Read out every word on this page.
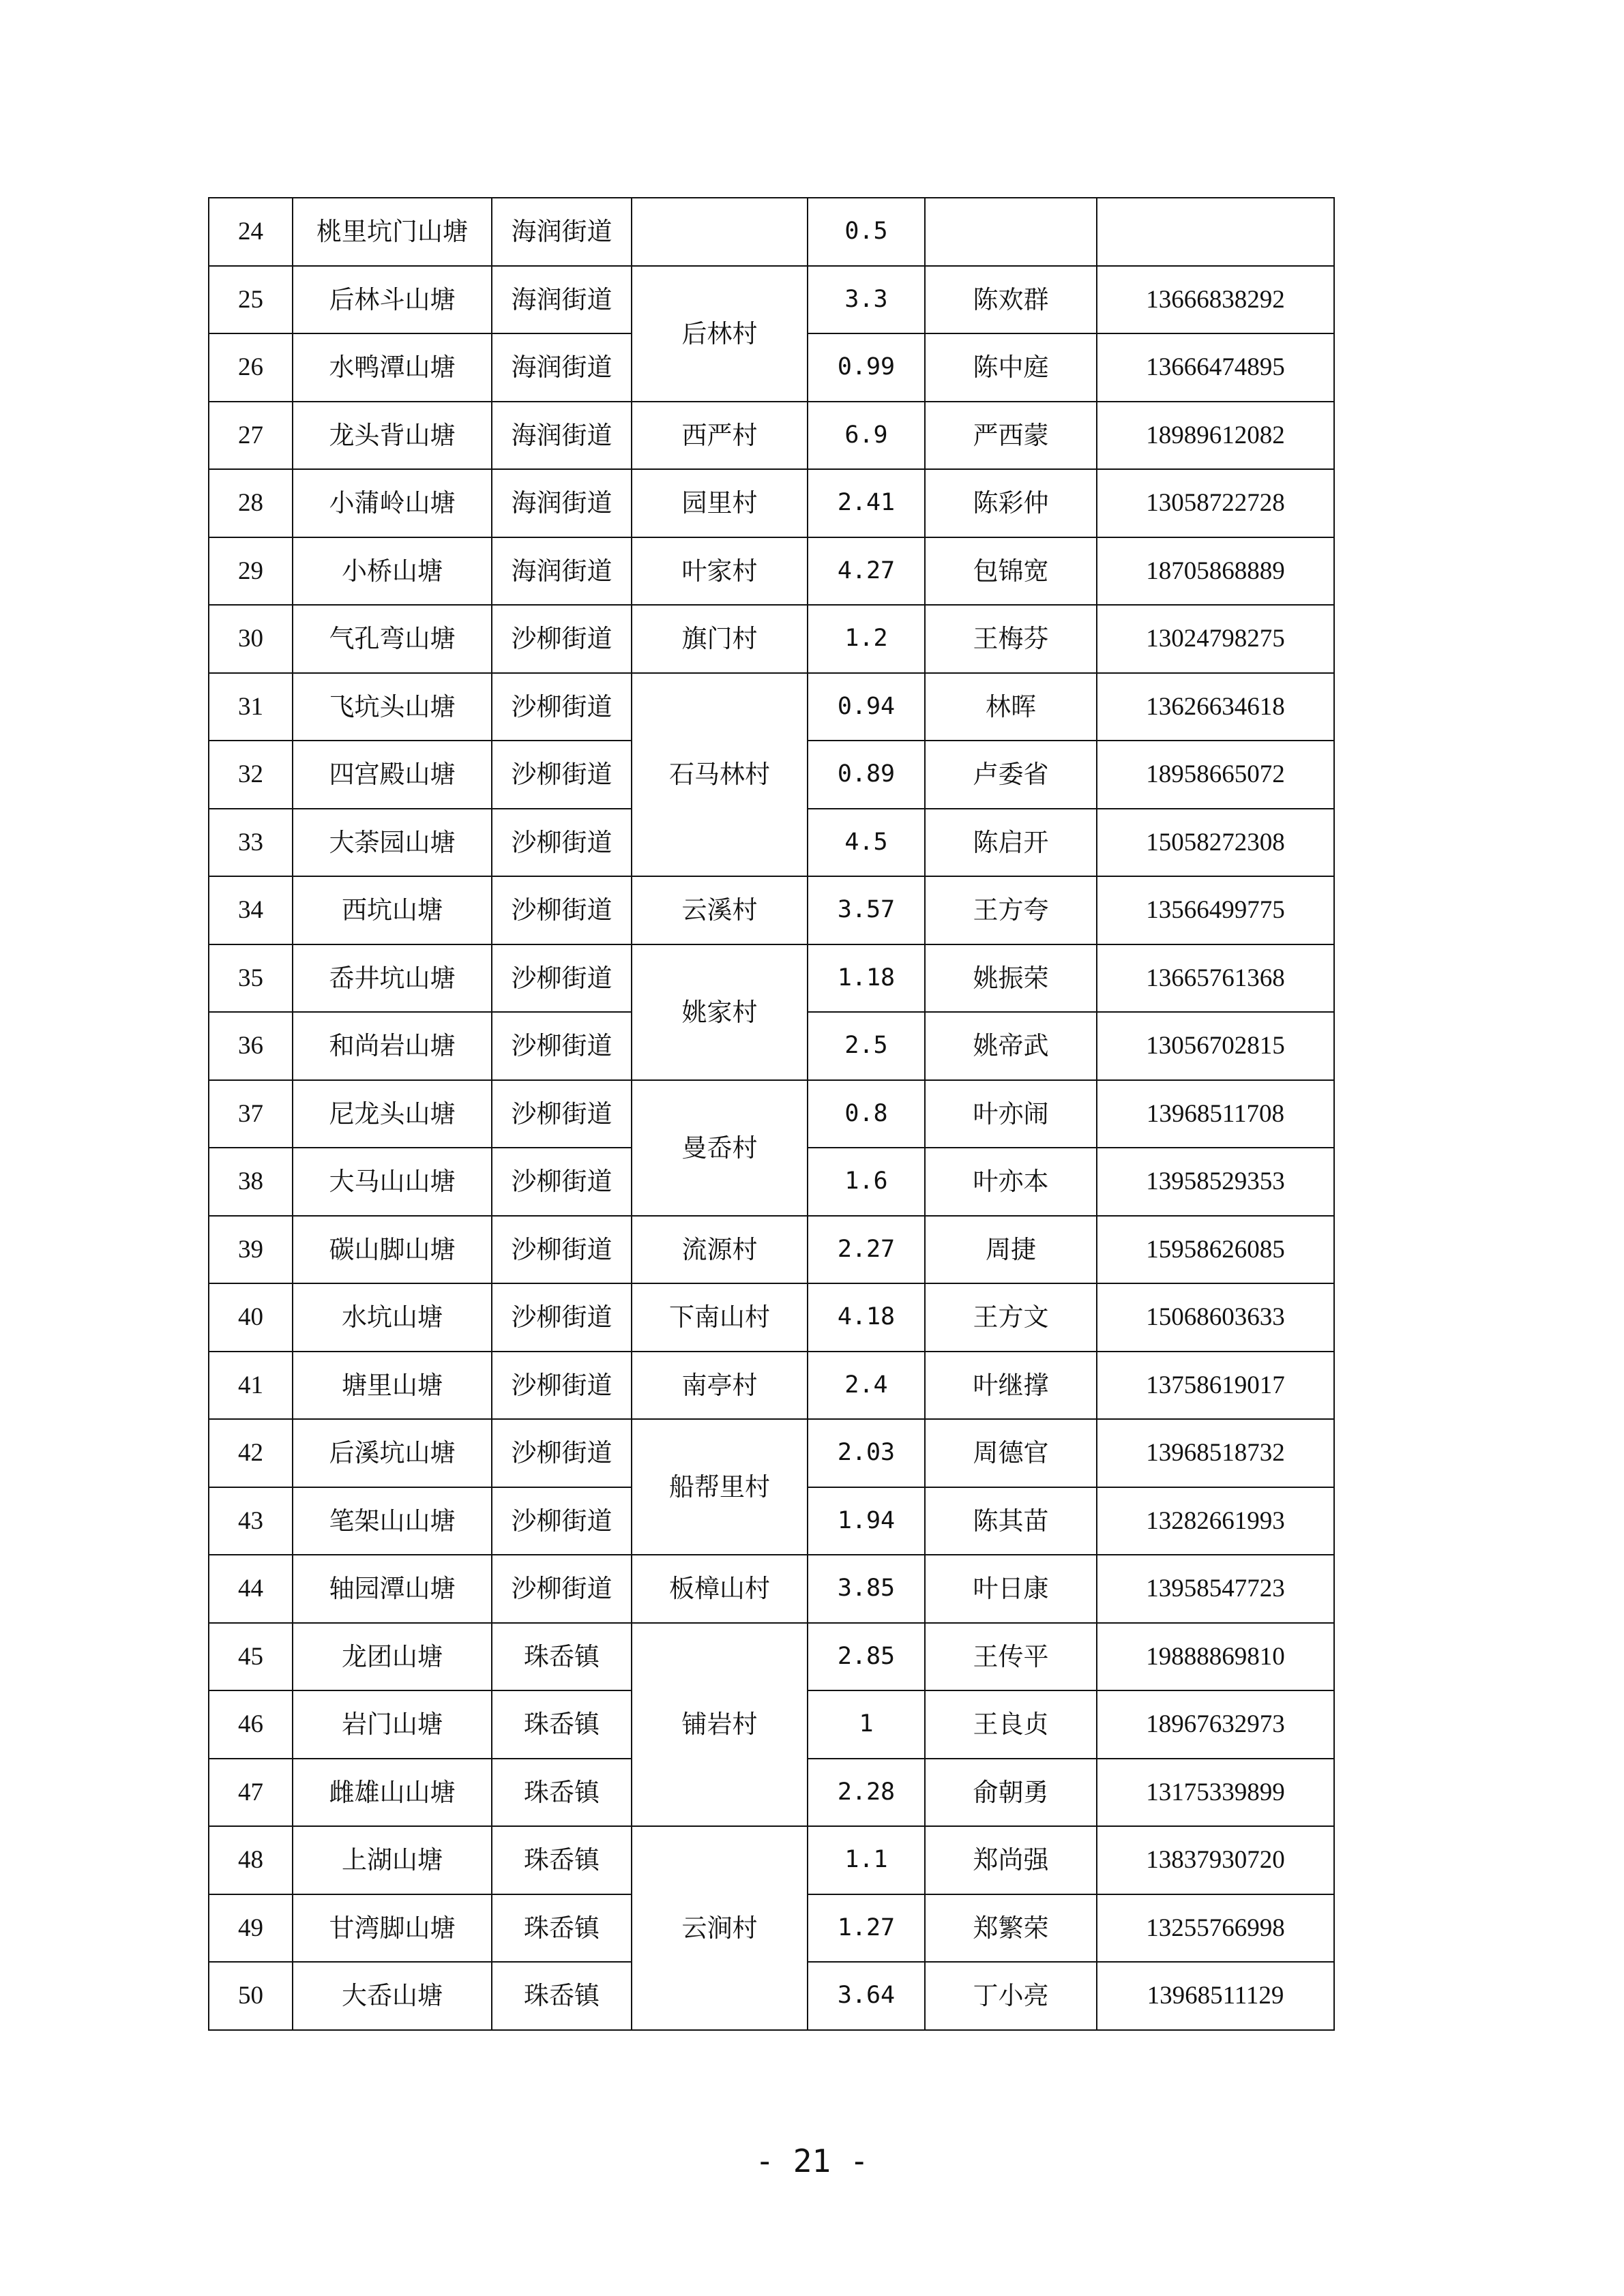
24	桃里坑门山塘	海润街道		0.5		
25	后林斗山塘	海润街道	后林村	3.3	陈欢群	13666838292
26	水鸭潭山塘	海润街道		0.99	陈中庭	13666474895
27	龙头背山塘	海润街道	西严村	6.9	严西蒙	18989612082
28	小蒲岭山塘	海润街道	园里村	2.41	陈彩仲	13058722728
29	小桥山塘	海润街道	叶家村	4.27	包锦宽	18705868889
30	气孔弯山塘	沙柳街道	旗门村	1.2	王梅芬	13024798275
31	飞坑头山塘	沙柳街道	石马林村	0.94	林晖	13626634618
32	四宫殿山塘	沙柳街道		0.89	卢委省	18958665072
33	大荼园山塘	沙柳街道		4.5	陈启开	15058272308
34	西坑山塘	沙柳街道	云溪村	3.57	王方夸	13566499775
35	岙井坑山塘	沙柳街道	姚家村	1.18	姚振荣	13665761368
36	和尚岩山塘	沙柳街道		2.5	姚帝武	13056702815
37	尼龙头山塘	沙柳街道	曼岙村	0.8	叶亦闹	13968511708
38	大马山山塘	沙柳街道		1.6	叶亦本	13958529353
39	碳山脚山塘	沙柳街道	流源村	2.27	周捷	15958626085
40	水坑山塘	沙柳街道	下南山村	4.18	王方文	15068603633
41	塘里山塘	沙柳街道	南亭村	2.4	叶继撑	13758619017
42	后溪坑山塘	沙柳街道	船帮里村	2.03	周德官	13968518732
43	笔架山山塘	沙柳街道		1.94	陈其苗	13282661993
44	轴园潭山塘	沙柳街道	板樟山村	3.85	叶日康	13958547723
45	龙团山塘	珠岙镇	铺岩村	2.85	王传平	19888869810
46	岩门山塘	珠岙镇		1	王良贞	18967632973
47	雌雄山山塘	珠岙镇		2.28	俞朝勇	13175339899
48	上湖山塘	珠岙镇	云涧村	1.1	郑尚强	13837930720
49	甘湾脚山塘	珠岙镇		1.27	郑繁荣	13255766998
50	大岙山塘	珠岙镇		3.64	丁小亮	13968511129
- 21 -
